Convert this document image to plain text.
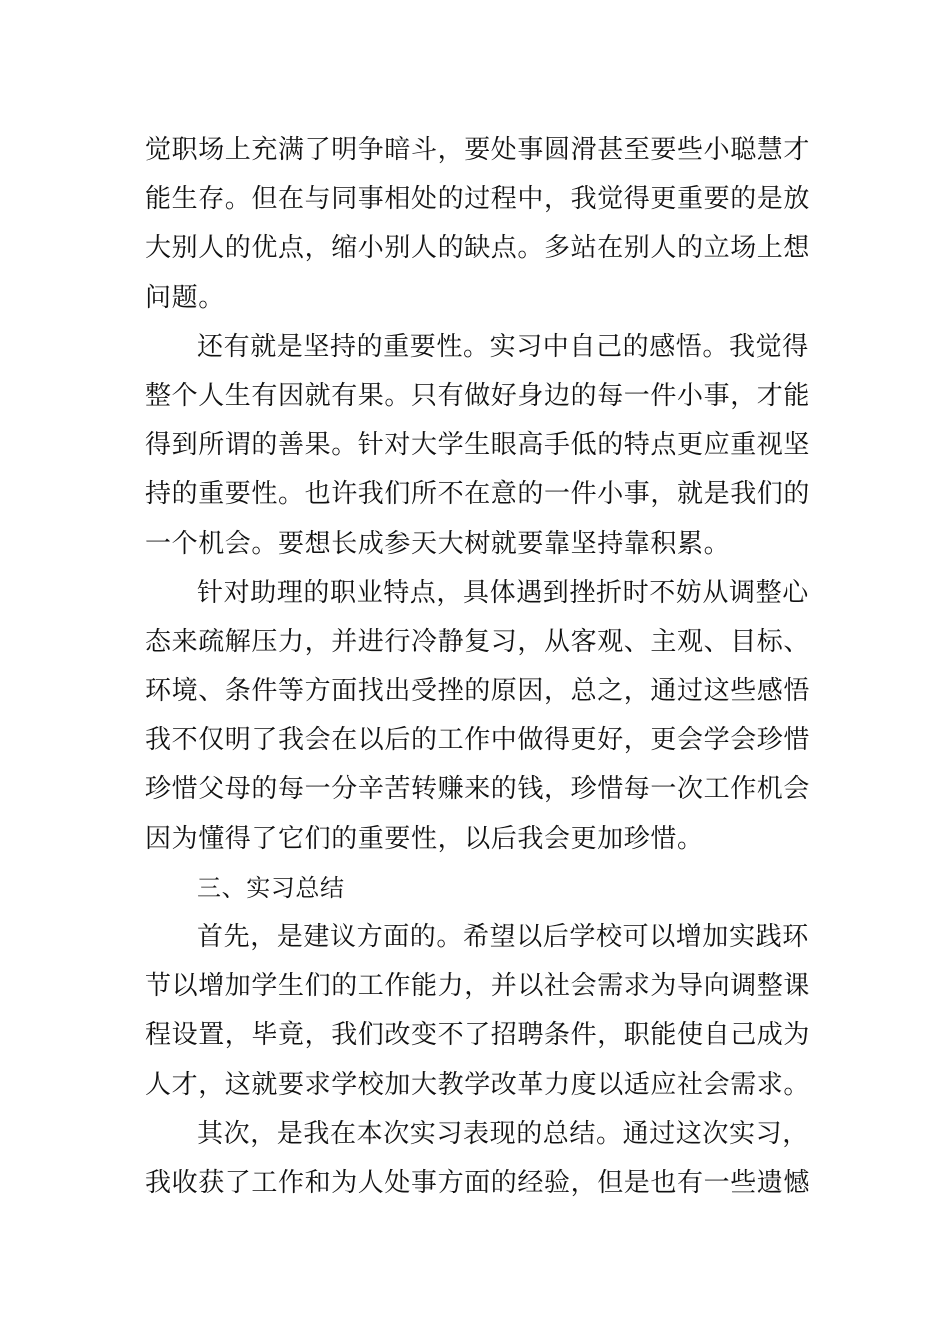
觉职场上充满了明争暗斗，要处事圆滑甚至要些小聪慧才
能生存。但在与同事相处的过程中，我觉得更重要的是放
大别人的优点，缩小别人的缺点。多站在别人的立场上想
问题。
还有就是坚持的重要性。实习中自己的感悟。我觉得
整个人生有因就有果。只有做好身边的每一件小事，才能
得到所谓的善果。针对大学生眼高手低的特点更应重视坚
持的重要性。也许我们所不在意的一件小事，就是我们的
一个机会。要想长成参天大树就要靠坚持靠积累。
针对助理的职业特点，具体遇到挫折时不妨从调整心
态来疏解压力，并进行冷静复习，从客观、主观、目标、
环境、条件等方面找出受挫的原因，总之，通过这些感悟
我不仅明了我会在以后的工作中做得更好，更会学会珍惜
珍惜父母的每一分辛苦转赚来的钱，珍惜每一次工作机会
因为懂得了它们的重要性，以后我会更加珍惜。
三、实习总结
首先，是建议方面的。希望以后学校可以增加实践环
节以增加学生们的工作能力，并以社会需求为导向调整课
程设置，毕竟，我们改变不了招聘条件，职能使自己成为
人才，这就要求学校加大教学改革力度以适应社会需求。
其次，是我在本次实习表现的总结。通过这次实习，
我收获了工作和为人处事方面的经验，但是也有一些遗憾
